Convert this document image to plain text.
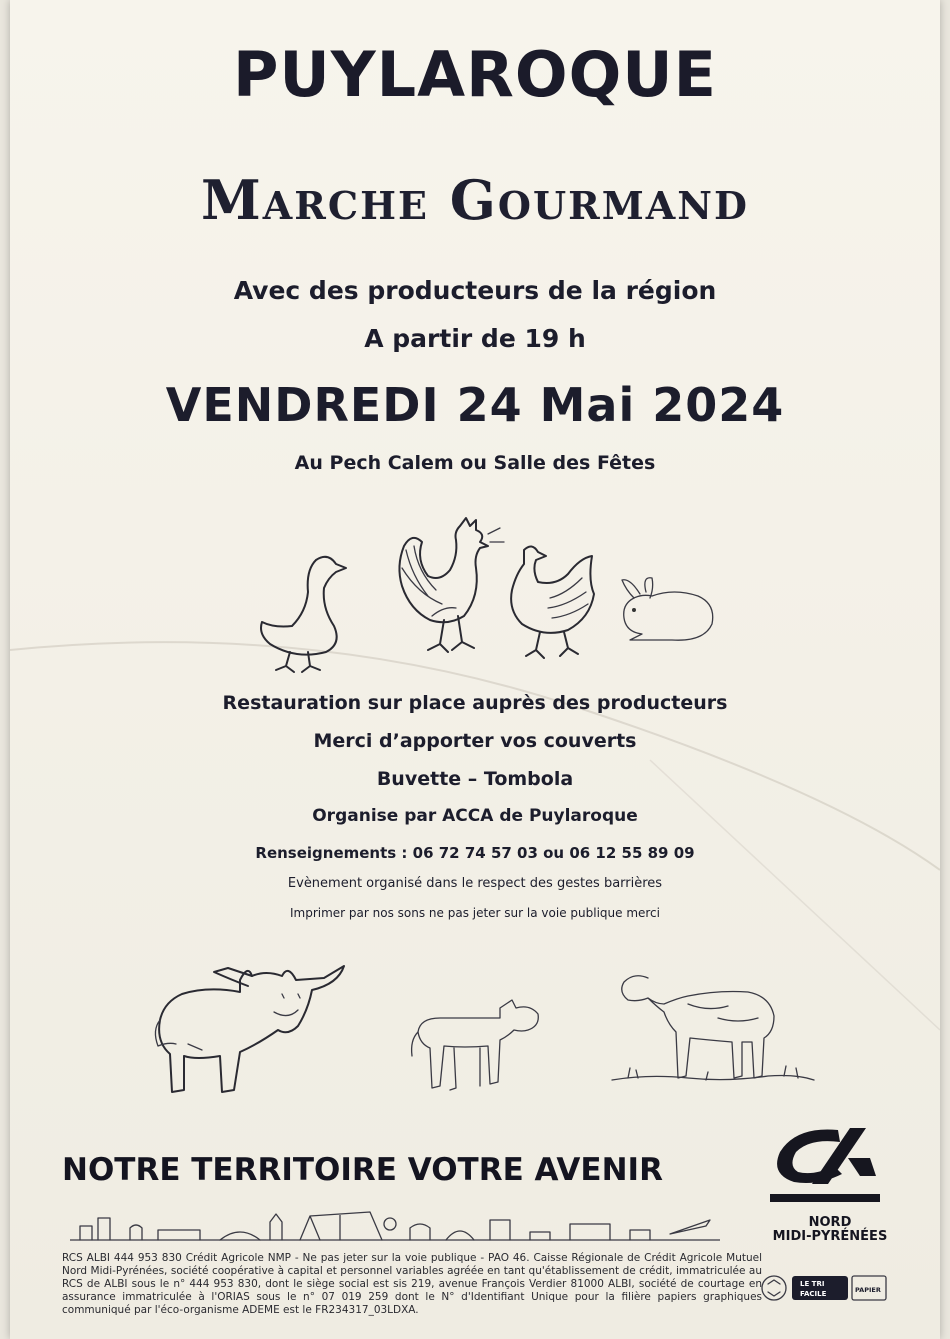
PUYLAROQUE
Marche Gourmand
Avec des producteurs de la région
A partir de 19 h
VENDREDI 24 Mai 2024
Au Pech Calem ou Salle des Fêtes
Restauration sur place auprès des producteurs
Merci d’apporter vos couverts
Buvette – Tombola
Organise par ACCA de Puylaroque
Renseignements : 06 72 74 57 03 ou 06 12 55 89 09
Evènement organisé dans le respect des gestes barrières
Imprimer par nos sons ne pas jeter sur la voie publique merci
NOTRE TERRITOIRE VOTRE AVENIR
NORD
MIDI-PYRÉNÉES
RCS ALBI 444 953 830 Crédit Agricole NMP - Ne pas jeter sur la voie publique - PAO 46. Caisse Régionale de Crédit Agricole Mutuel Nord Midi-Pyrénées, société coopérative à capital et personnel variables agréée en tant qu'établissement de crédit, immatriculée au RCS de ALBI sous le n° 444 953 830, dont le siège social est sis 219, avenue François Verdier 81000 ALBI, société de courtage en assurance immatriculée à l'ORIAS sous le n° 07 019 259 dont le N° d'Identifiant Unique pour la filière papiers graphiques communiqué par l'éco-organisme ADEME est le FR234317_03LDXA.
LE TRI
FACILE	PAPIER
